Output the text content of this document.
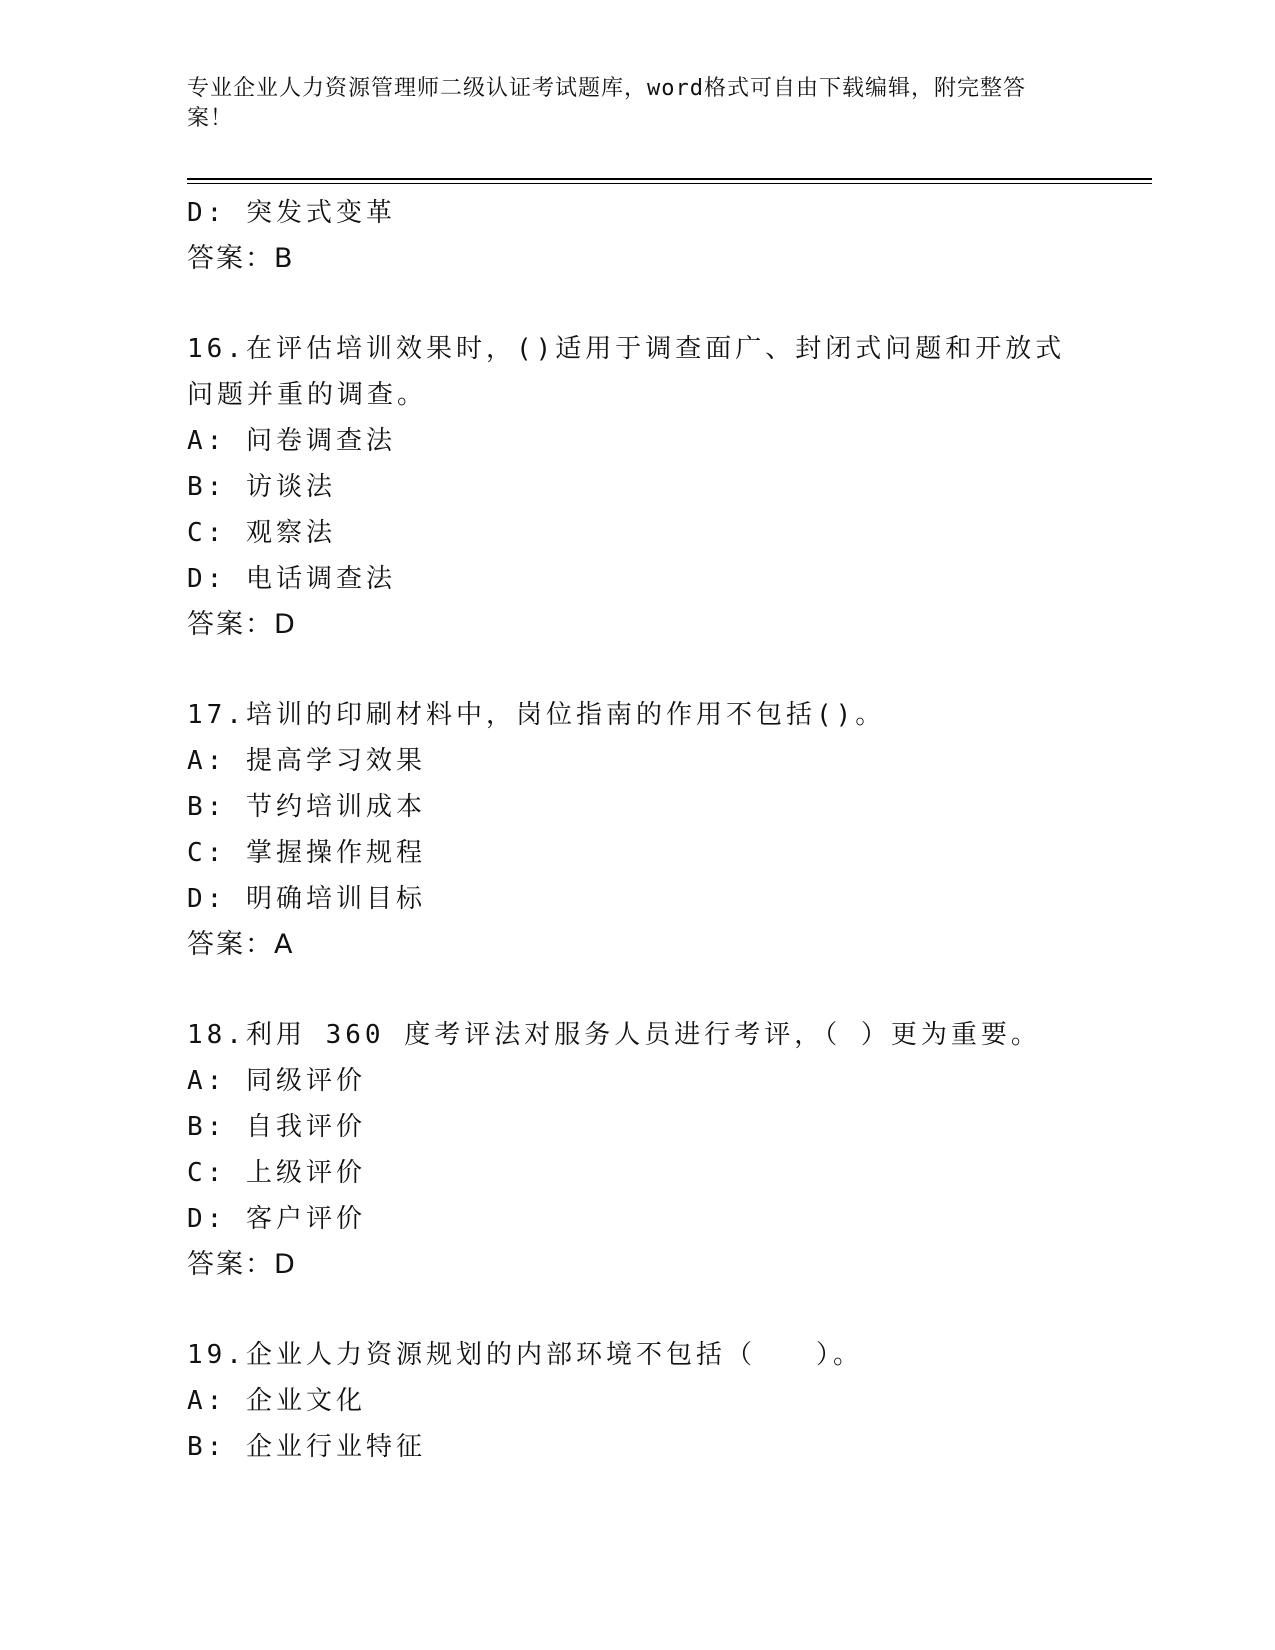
专业企业人力资源管理师二级认证考试题库，word格式可自由下载编辑，附完整答案！
D: 突发式变革
答案：B
16.在评估培训效果时，()适用于调查面广、封闭式问题和开放式问题并重的调查。
A: 问卷调查法
B: 访谈法
C: 观察法
D: 电话调查法
答案：D
17.培训的印刷材料中，岗位指南的作用不包括()。
A: 提高学习效果
B: 节约培训成本
C: 掌握操作规程
D: 明确培训目标
答案：A
18.利用 360 度考评法对服务人员进行考评，（ ）更为重要。
A: 同级评价
B: 自我评价
C: 上级评价
D: 客户评价
答案：D
19.企业人力资源规划的内部环境不包括（　　）。
A: 企业文化
B: 企业行业特征
